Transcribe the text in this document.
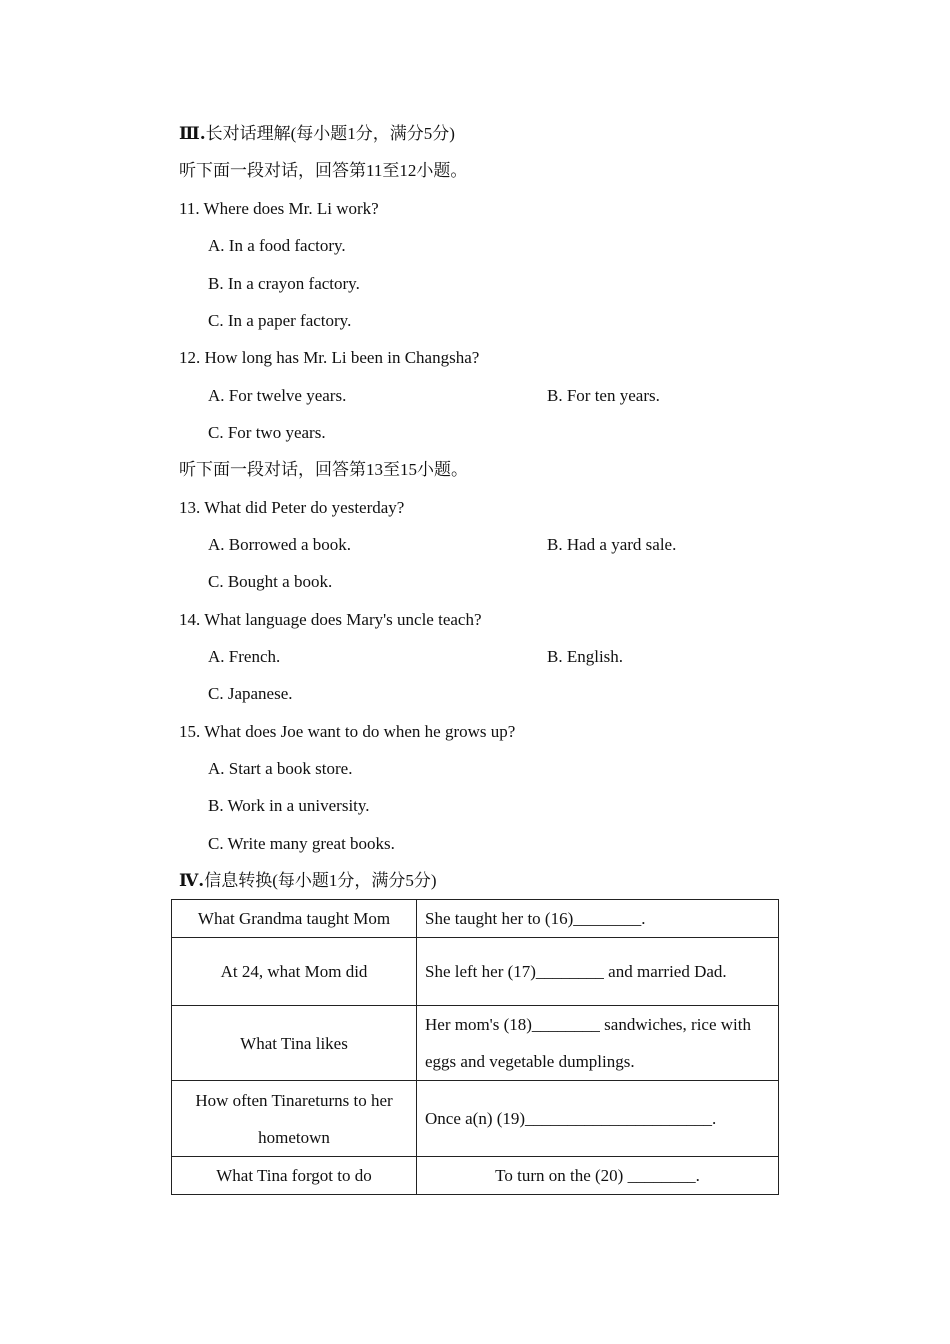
Ⅲ.长对话理解(每小题1分，满分5分)
听下面一段对话，回答第11至12小题。
11. Where does Mr. Li work?
A. In a food factory.
B. In a crayon factory.
C. In a paper factory.
12. How long has Mr. Li been in Changsha?
A. For twelve years.	B. For ten years.
C. For two years.
听下面一段对话，回答第13至15小题。
13. What did Peter do yesterday?
A. Borrowed a book.	B. Had a yard sale.
C. Bought a book.
14. What language does Mary's uncle teach?
A. French.	B. English.
C. Japanese.
15. What does Joe want to do when he grows up?
A. Start a book store.
B. Work in a university.
C. Write many great books.
Ⅳ.信息转换(每小题1分，满分5分)
What Grandma taught Mom	She taught her to (16)________.
At 24, what Mom did	She left her (17)________ and married Dad.
What Tina likes	Her mom's (18)________ sandwiches, rice with eggs and vegetable dumplings.
How often Tinareturns to her hometown	Once a(n) (19)______________________.
What Tina forgot to do	To turn on the (20) ________.
